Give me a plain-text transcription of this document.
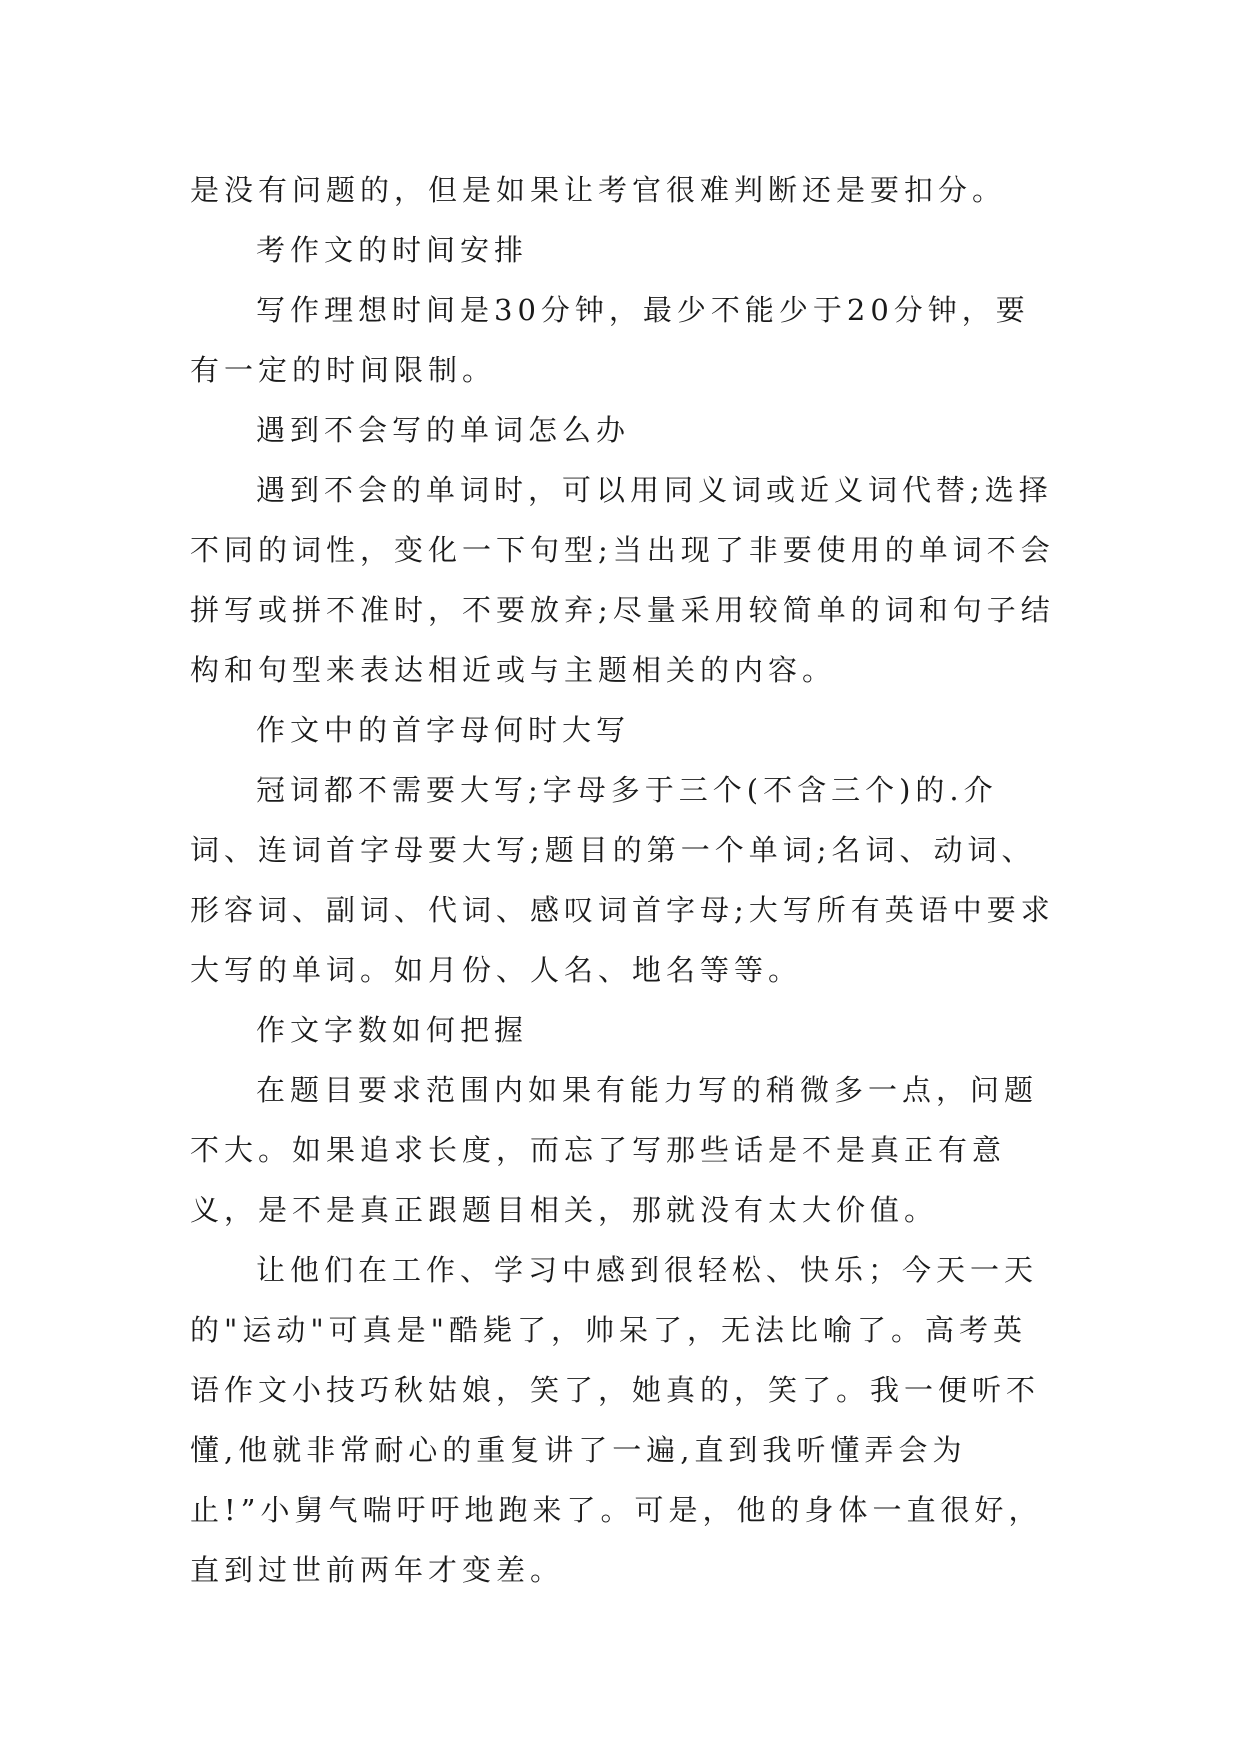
是没有问题的，但是如果让考官很难判断还是要扣分。

考作文的时间安排

写作理想时间是30分钟，最少不能少于20分钟，要有一定的时间限制。

遇到不会写的单词怎么办

遇到不会的单词时，可以用同义词或近义词代替;选择不同的词性，变化一下句型;当出现了非要使用的单词不会拼写或拼不准时，不要放弃;尽量采用较简单的词和句子结构和句型来表达相近或与主题相关的内容。

作文中的首字母何时大写

冠词都不需要大写;字母多于三个(不含三个)的.介词、连词首字母要大写;题目的第一个单词;名词、动词、形容词、副词、代词、感叹词首字母;大写所有英语中要求大写的单词。如月份、人名、地名等等。

作文字数如何把握

在题目要求范围内如果有能力写的稍微多一点，问题不大。如果追求长度，而忘了写那些话是不是真正有意义，是不是真正跟题目相关，那就没有太大价值。

让他们在工作、学习中感到很轻松、快乐；今天一天的"运动"可真是"酷毙了，帅呆了，无法比喻了。高考英语作文小技巧秋姑娘，笑了，她真的，笑了。我一便听不懂,他就非常耐心的重复讲了一遍,直到我听懂弄会为止!”小舅气喘吁吁地跑来了。可是，他的身体一直很好，直到过世前两年才变差。
